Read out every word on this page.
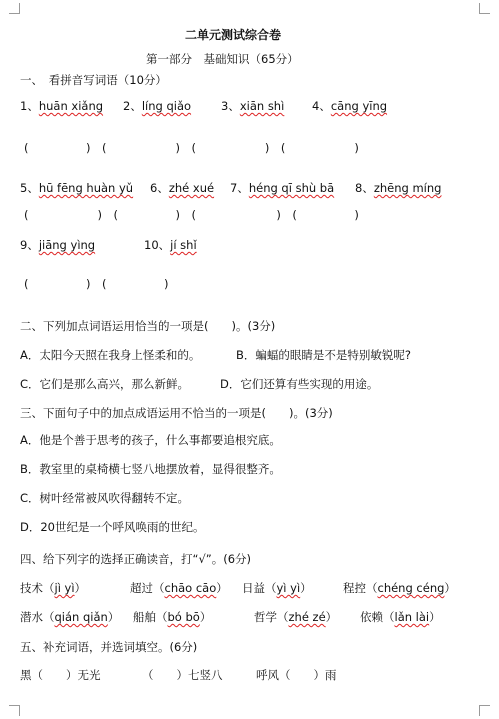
二单元测试综合卷
第一部分　基础知识（65分）
一、　看拼音写词语（10分）
1、huān xiǎng 2、líng qiǎo	3、xiān shì 4、cāng yīng
(　　　　　)　(　　　　　　)　(　　　　　　)　(　　　　　　)
5、hū fēng huàn yǔ 6、zhé xué 7、héng qī shù bā 8、zhēng míng
(　　　　　　)　(　　　　　)　(　　　　　　　)　(　　　　　)
9、jiāng yìng	10、jí shǐ
(　　　　　)　(　　　　　)
二、下列加点词语运用恰当的一项是(　　)。(3分)
A．太阳今天照在我身上怪柔和的。	B．蝙蝠的眼睛是不是特别敏锐呢?
C．它们是那么高兴，那么新鲜。	D．它们还算有些实现的用途。
三、下面句子中的加点成语运用不恰当的一项是(　　)。(3分)
A．他是个善于思考的孩子，什么事都要追根究底。
B．教室里的桌椅横七竖八地摆放着，显得很整齐。
C．树叶经常被风吹得翻转不定。
D．20世纪是一个呼风唤雨的世纪。
四、给下列字的选择正确读音，打“√”。(6分)
技术（jì yì）	超过（chāo cāo） 日益（yì yì）	程控（chéng céng）
潜水（qián qiǎn） 船舶（bó bō）	哲学（zhé zé） 依赖（lǎn lài）
五、补充词语，并选词填空。(6分)
黑（　　 ）无光	（　　 ）七竖八	呼风（　　 ）雨
